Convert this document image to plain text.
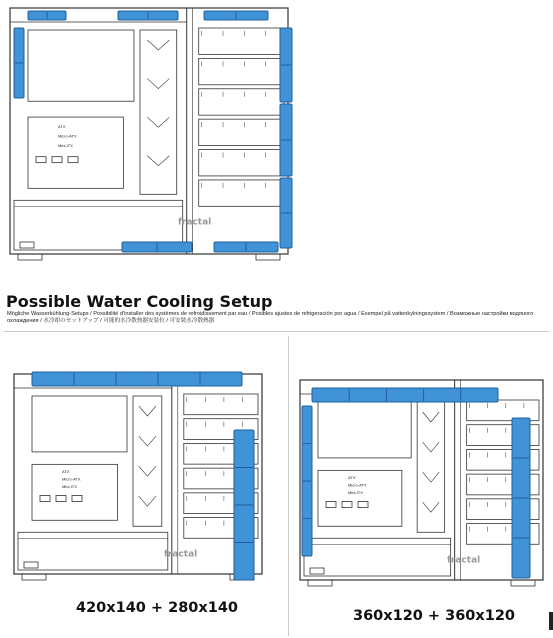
ATX
Micro-ATX
Mini-ITX
fractal
Possible Water Cooling Setup
Mögliche Wasserkühlung-Setups / Possibilité d'installer des systèmes de refroidissement par eau / Posibles ajustes de refrigeración por agua / Exempel på vattenkylningssystem / Возможные настройки водяного охлаждения / 水冷却のセットアップ / 可能的水冷散热器安装位 / 可安裝水冷散熱器
ATX
Micro-ATX
Mini-ITX
fractal
420x140 + 280x140
ATX
Micro-ATX
Mini-ITX
fractal
360x120 + 360x120
